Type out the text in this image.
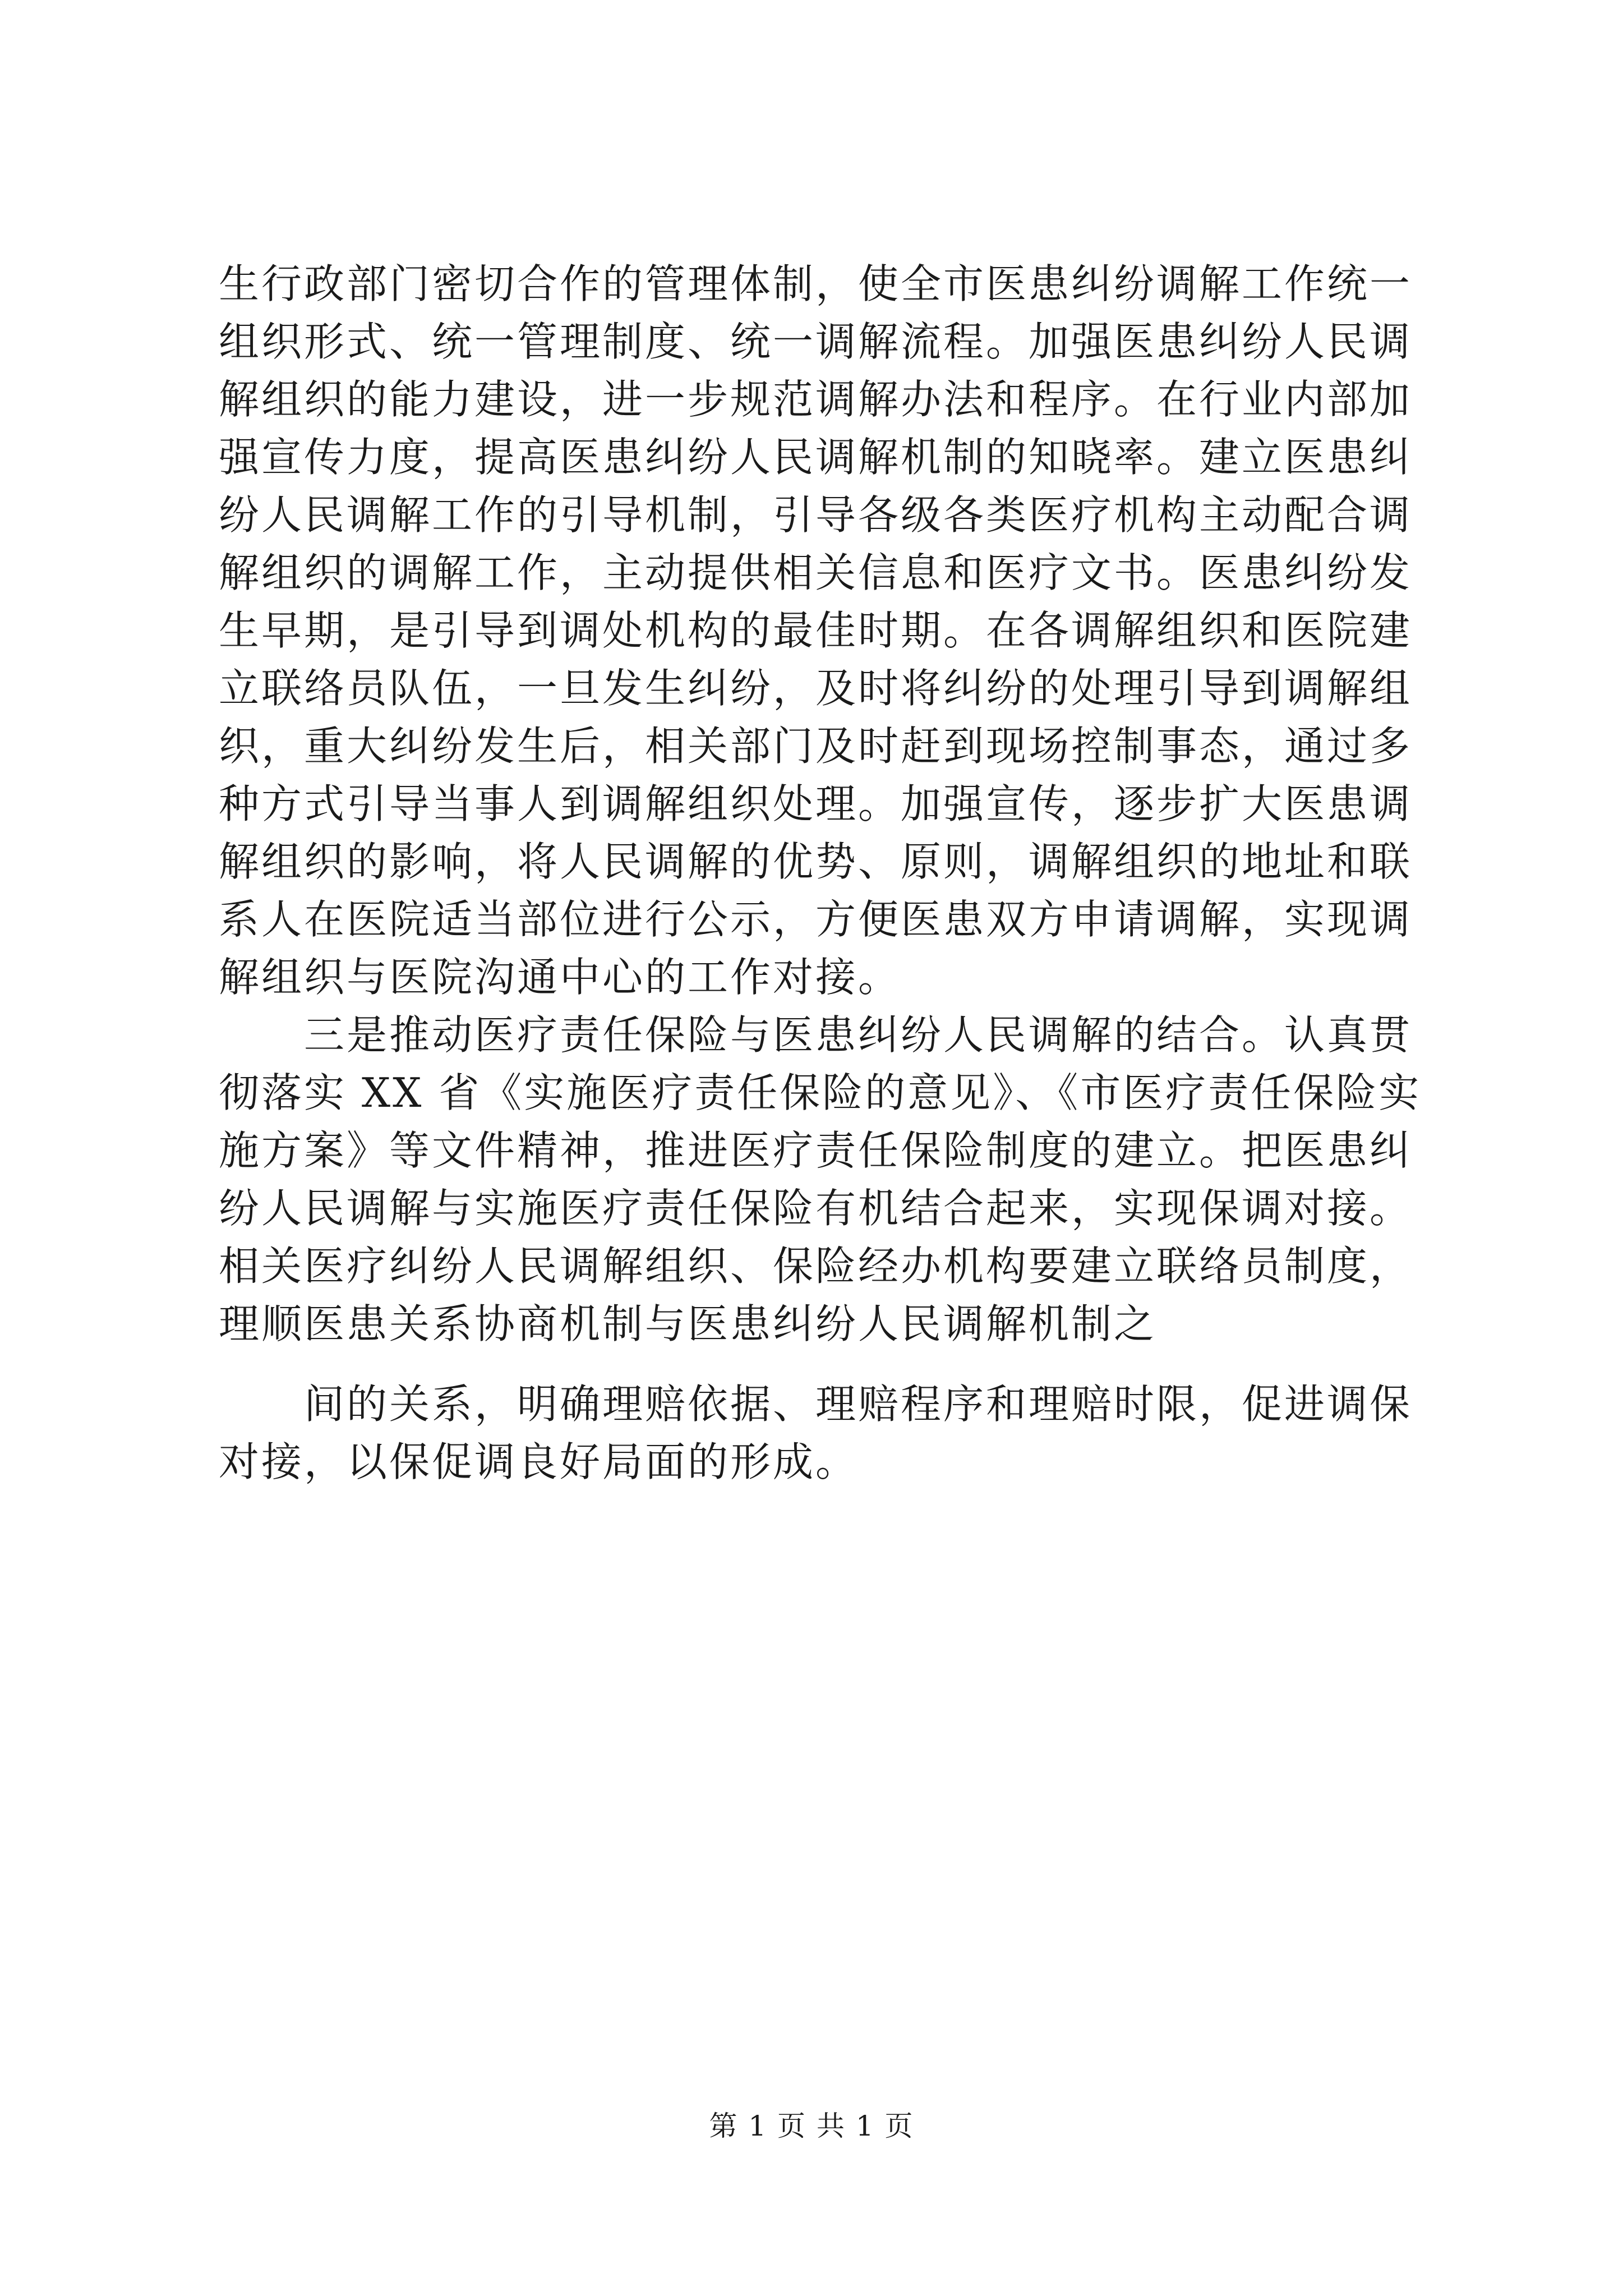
生行政部门密切合作的管理体制，使全市医患纠纷调解工作统一
组织形式、统一管理制度、统一调解流程。加强医患纠纷人民调
解组织的能力建设，进一步规范调解办法和程序。在行业内部加
强宣传力度，提高医患纠纷人民调解机制的知晓率。建立医患纠
纷人民调解工作的引导机制，引导各级各类医疗机构主动配合调
解组织的调解工作，主动提供相关信息和医疗文书。医患纠纷发
生早期，是引导到调处机构的最佳时期。在各调解组织和医院建
立联络员队伍，一旦发生纠纷，及时将纠纷的处理引导到调解组
织，重大纠纷发生后，相关部门及时赶到现场控制事态，通过多
种方式引导当事人到调解组织处理。加强宣传，逐步扩大医患调
解组织的影响，将人民调解的优势、原则，调解组织的地址和联
系人在医院适当部位进行公示，方便医患双方申请调解，实现调
解组织与医院沟通中心的工作对接。
　　三是推动医疗责任保险与医患纠纷人民调解的结合。认真贯
彻落实 XX 省《实施医疗责任保险的意见》、《市医疗责任保险实
施方案》等文件精神，推进医疗责任保险制度的建立。把医患纠
纷人民调解与实施医疗责任保险有机结合起来，实现保调对接。
相关医疗纠纷人民调解组织、保险经办机构要建立联络员制度，
理顺医患关系协商机制与医患纠纷人民调解机制之
　　间的关系，明确理赔依据、理赔程序和理赔时限，促进调保
对接，以保促调良好局面的形成。
第 1 页 共 1 页
